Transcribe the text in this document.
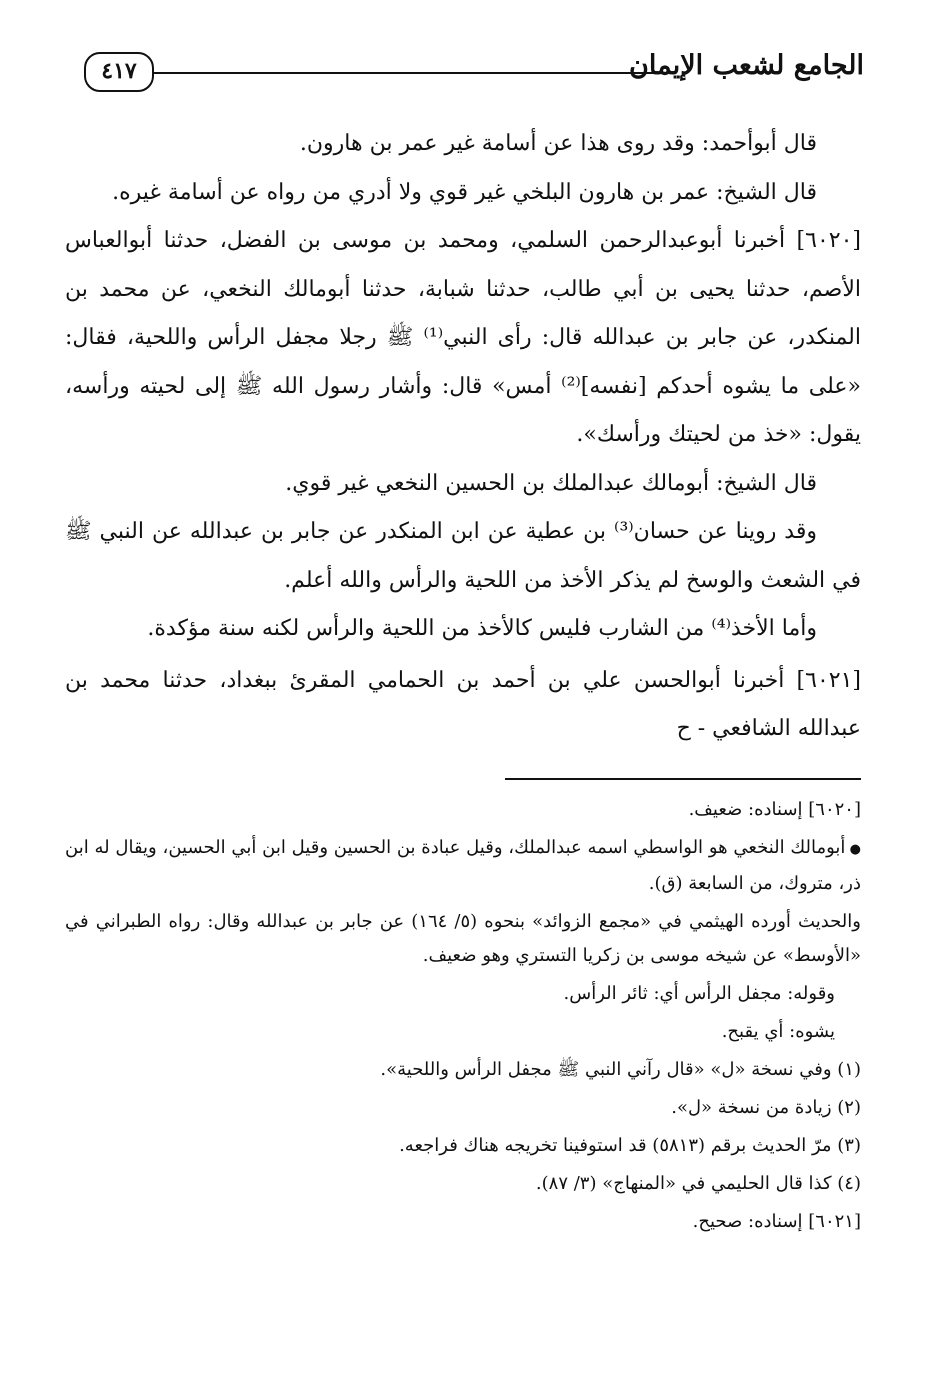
الجامع لشعب الإيمان
٤١٧

قال أبوأحمد: وقد روى هذا عن أسامة غير عمر بن هارون.

قال الشيخ: عمر بن هارون البلخي غير قوي ولا أدري من رواه عن أسامة غيره.

[٦٠٢٠] أخبرنا أبوعبدالرحمن السلمي، ومحمد بن موسى بن الفضل، حدثنا أبوالعباس الأصم، حدثنا يحيى بن أبي طالب، حدثنا شبابة، حدثنا أبومالك النخعي، عن محمد بن المنكدر، عن جابر بن عبدالله قال: رأى النبي⁽¹⁾ ﷺ رجلا مجفل الرأس واللحية، فقال: «على ما يشوه أحدكم [نفسه]⁽²⁾ أمس» قال: وأشار رسول الله ﷺ إلى لحيته ورأسه، يقول: «خذ من لحيتك ورأسك».

قال الشيخ: أبومالك عبدالملك بن الحسين النخعي غير قوي.

وقد روينا عن حسان⁽³⁾ بن عطية عن ابن المنكدر عن جابر بن عبدالله عن النبي ﷺ في الشعث والوسخ لم يذكر الأخذ من اللحية والرأس والله أعلم.

وأما الأخذ⁽⁴⁾ من الشارب فليس كالأخذ من اللحية والرأس لكنه سنة مؤكدة.

[٦٠٢١] أخبرنا أبوالحسن علي بن أحمد بن الحمامي المقرئ ببغداد، حدثنا محمد بن عبدالله الشافعي - ح

[٦٠٢٠] إسناده: ضعيف.

● أبومالك النخعي هو الواسطي اسمه عبدالملك، وقيل عبادة بن الحسين وقيل ابن أبي الحسين، ويقال له ابن ذر، متروك، من السابعة (ق).

والحديث أورده الهيثمي في «مجمع الزوائد» بنحوه (٥/ ١٦٤) عن جابر بن عبدالله وقال: رواه الطبراني في «الأوسط» عن شيخه موسى بن زكريا التستري وهو ضعيف.

وقوله: مجفل الرأس أي: ثائر الرأس.

يشوه: أي يقبح.

(١) وفي نسخة «ل» «قال رآني النبي ﷺ مجفل الرأس واللحية».

(٢) زيادة من نسخة «ل».

(٣) مرّ الحديث برقم (٥٨١٣) قد استوفينا تخريجه هناك فراجعه.

(٤) كذا قال الحليمي في «المنهاج» (٣/ ٨٧).

[٦٠٢١] إسناده: صحيح.
